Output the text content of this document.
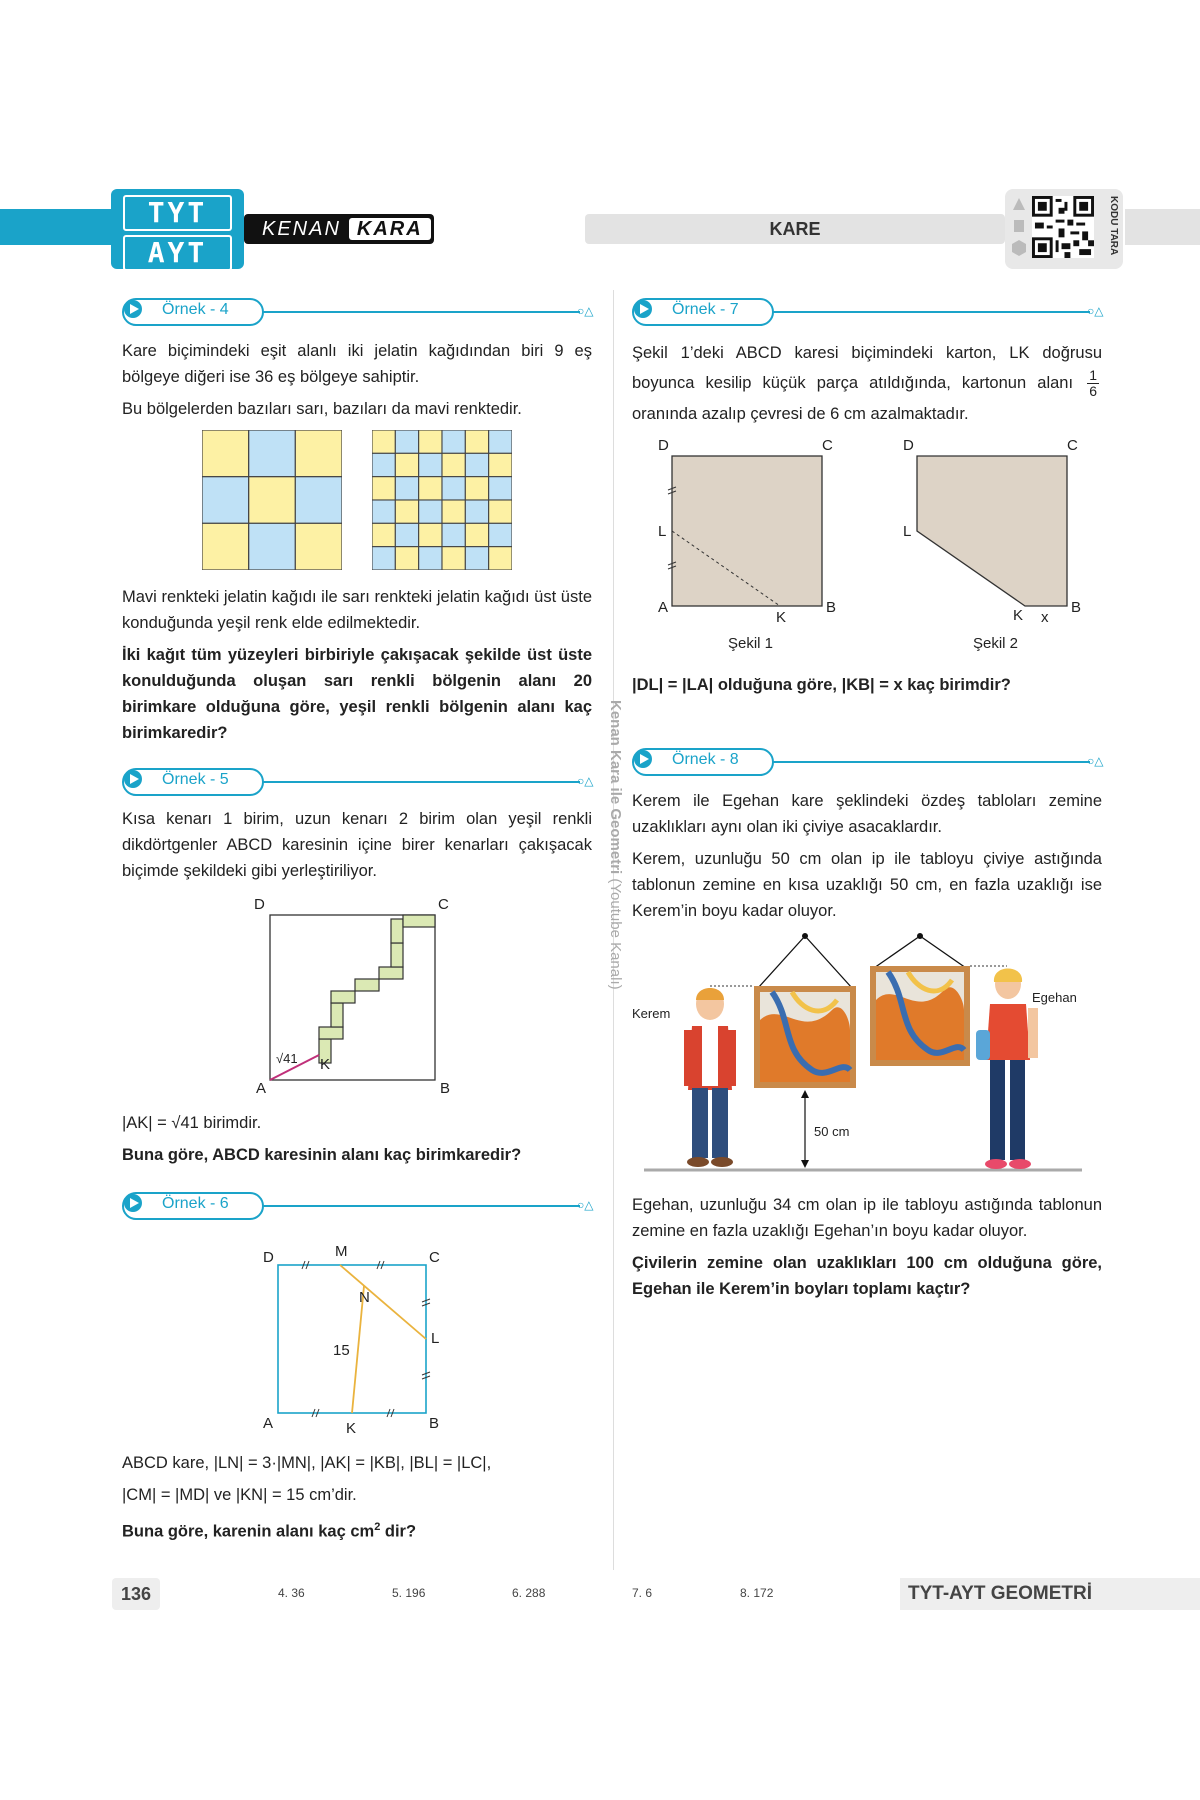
TYT
AYT
KENAN KARA	KARE	KODU TARA
Kenan Kara ile Geometri (Youtube Kanalı)
Örnek - 4	○△

Kare biçimindeki eşit alanlı iki jelatin kağıdından biri 9 eş bölgeye diğeri ise 36 eş bölgeye sahiptir.

Bu bölgelerden bazıları sarı, bazıları da mavi renktedir.

Mavi renkteki jelatin kağıdı ile sarı renkteki jelatin kağıdı üst üste konduğunda yeşil renk elde edilmektedir.

İki kağıt tüm yüzeyleri birbiriyle çakışacak şekilde üst üste konulduğunda oluşan sarı renkli bölgenin alanı 20 birimkare olduğuna göre, yeşil renkli bölgenin alanı kaç birimkaredir?

Örnek - 5	○△

Kısa kenarı 1 birim, uzun kenarı 2 birim olan yeşil renkli dikdörtgenler ABCD karesinin içine birer kenarları çakışacak biçimde şekildeki gibi yerleştiriliyor.

D	C
A	B
K
√41

|AK| = √41 birimdir.

Buna göre, ABCD karesinin alanı kaç birimkaredir?

Örnek - 6	○△
D	M	C
N
L
15
A	K	B

ABCD kare, |LN| = 3·|MN|, |AK| = |KB|, |BL| = |LC|,

|CM| = |MD| ve |KN| = 15 cm’dir.

Buna göre, karenin alanı kaç $cm^2$ dir?

Örnek - 7	○△

Şekil 1’deki ABCD karesi biçimindeki karton, LK doğrusu boyunca kesilip küçük parça atıldığında, kartonun alanı $\frac{1}{6}$
oranında azalıp çevresi de 6 cm azalmaktadır.

D	C
L
A
K
B
Şekil 1
D	C
L
K x
B
Şekil 2

|DL| = |LA| olduğuna göre, |KB| = x kaç birimdir?

Örnek - 8	○△

Kerem ile Egehan kare şeklindeki özdeş tabloları zemine uzaklıkları aynı olan iki çiviye asacaklardır.

Kerem, uzunluğu 50 cm olan ip ile tabloyu çiviye astığında tablonun zemine en kısa uzaklığı 50 cm, en fazla uzaklığı ise Kerem’in boyu kadar oluyor.

50 cm
Kerem
Egehan

Egehan, uzunluğu 34 cm olan ip ile tabloyu astığında tablonun zemine en fazla uzaklığı Egehan’ın boyu kadar oluyor.

Çivilerin zemine olan uzaklıkları 100 cm olduğuna göre, Egehan ile Kerem’in boyları toplamı kaçtır?

136	4. 36	5. 196	6. 288	7. 6	8. 172	TYT-AYT GEOMETRİ
